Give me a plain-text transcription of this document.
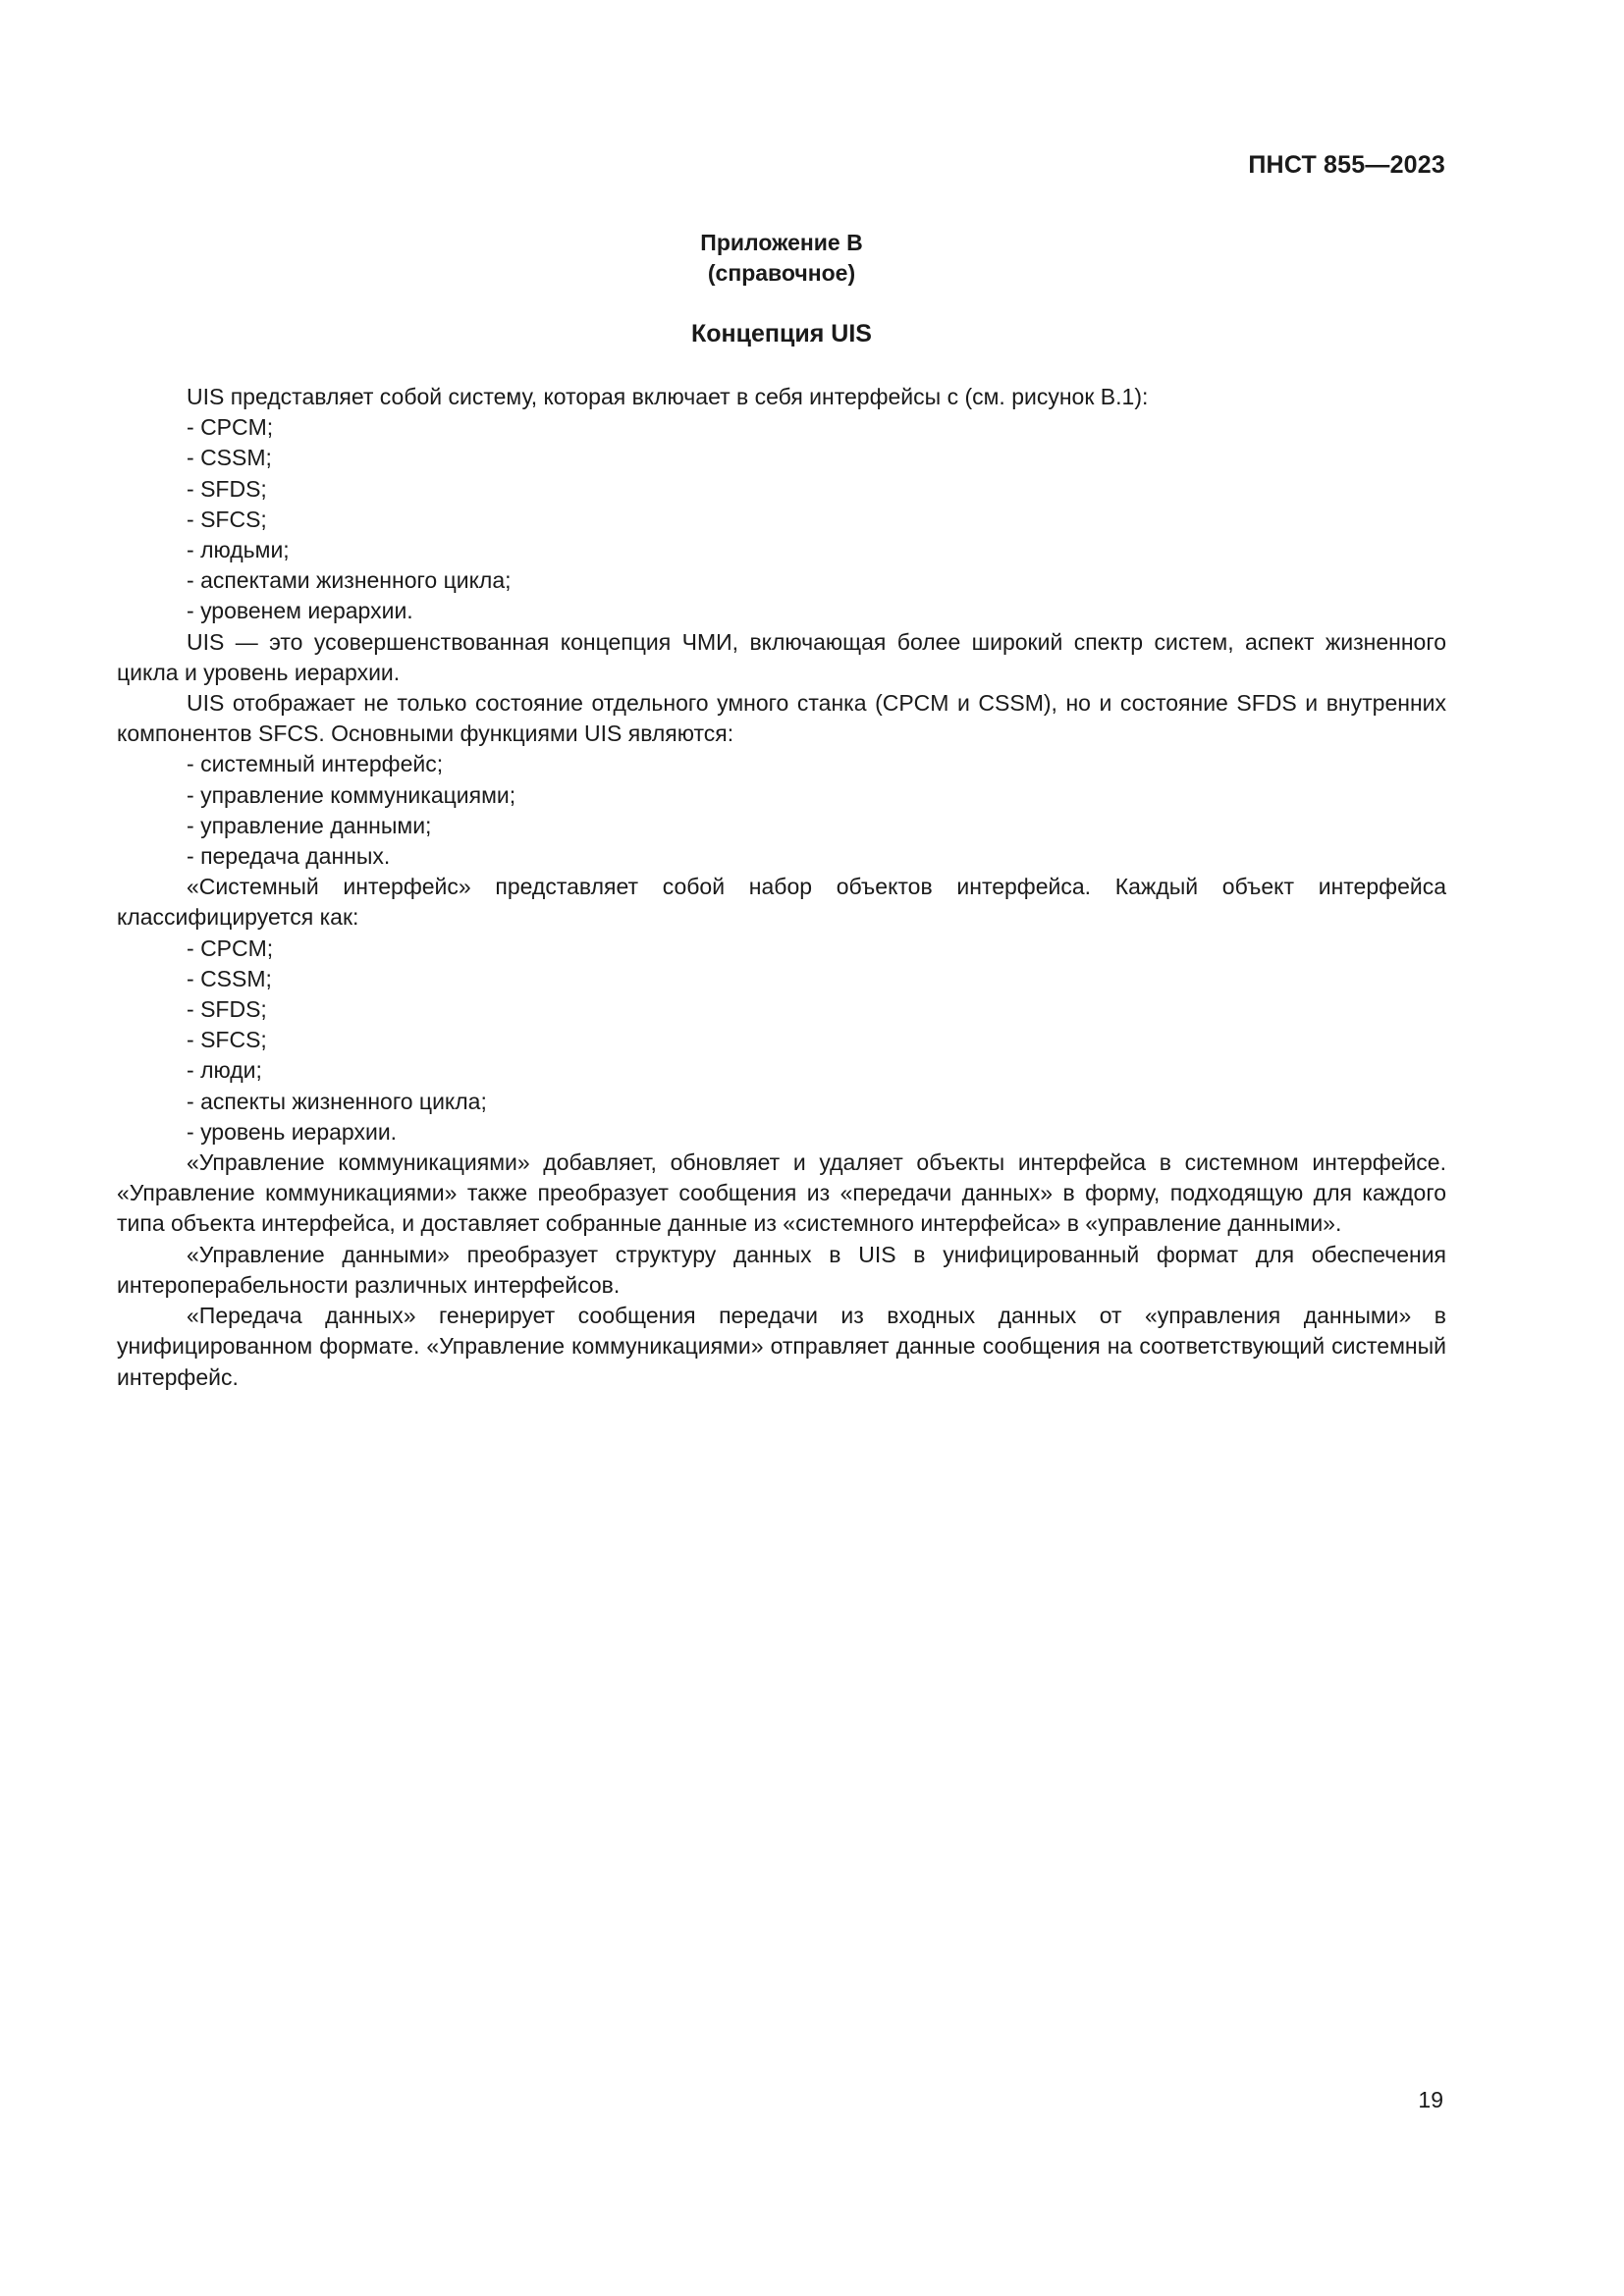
ПНСТ 855—2023
Приложение В
(справочное)
Концепция UIS

UIS представляет собой систему, которая включает в себя интерфейсы с (см. рисунок В.1):

- CPCM;
- CSSM;
- SFDS;
- SFCS;
- людьми;
- аспектами жизненного цикла;
- уровенем иерархии.

UIS — это усовершенствованная концепция ЧМИ, включающая более широкий спектр систем, аспект жизненного цикла и уровень иерархии.

UIS отображает не только состояние отдельного умного станка (CPCM и CSSM), но и состояние SFDS и внутренних компонентов SFCS. Основными функциями UIS являются:

- системный интерфейс;
- управление коммуникациями;
- управление данными;
- передача данных.

«Системный интерфейс» представляет собой набор объектов интерфейса. Каждый объект интерфейса классифицируется как:

- CPCM;
- CSSM;
- SFDS;
- SFCS;
- люди;
- аспекты жизненного цикла;
- уровень иерархии.

«Управление коммуникациями» добавляет, обновляет и удаляет объекты интерфейса в системном интерфейсе. «Управление коммуникациями» также преобразует сообщения из «передачи данных» в форму, подходящую для каждого типа объекта интерфейса, и доставляет собранные данные из «системного интерфейса» в «управление данными».

«Управление данными» преобразует структуру данных в UIS в унифицированный формат для обеспечения интероперабельности различных интерфейсов.

«Передача данных» генерирует сообщения передачи из входных данных от «управления данными» в унифицированном формате. «Управление коммуникациями» отправляет данные сообщения на соответствующий системный интерфейс.

19
